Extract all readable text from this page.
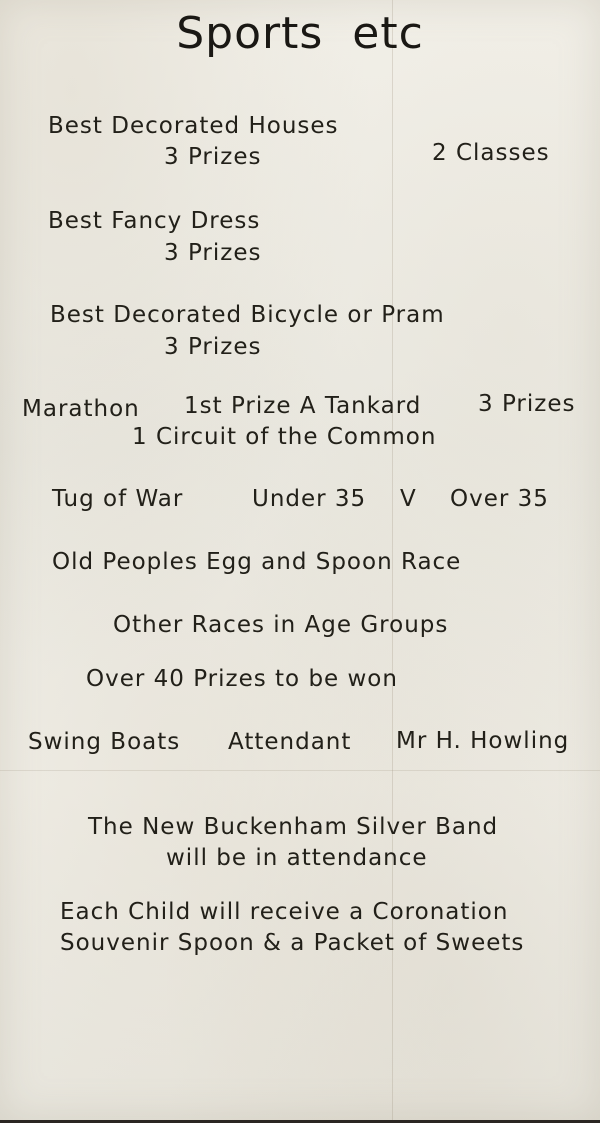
Sports etc
Best Decorated Houses
3 Prizes	2 Classes
Best Fancy Dress
3 Prizes
Best Decorated Bicycle or Pram
3 Prizes
Marathon 1st Prize A Tankard 3 Prizes
1 Circuit of the Common
Tug of War	Under 35 V Over 35
Old Peoples Egg and Spoon Race
Other Races in Age Groups
Over 40 Prizes to be won
Swing Boats Attendant Mr H. Howling
The New Buckenham Silver Band
will be in attendance
Each Child will receive a Coronation
Souvenir Spoon & a Packet of Sweets
